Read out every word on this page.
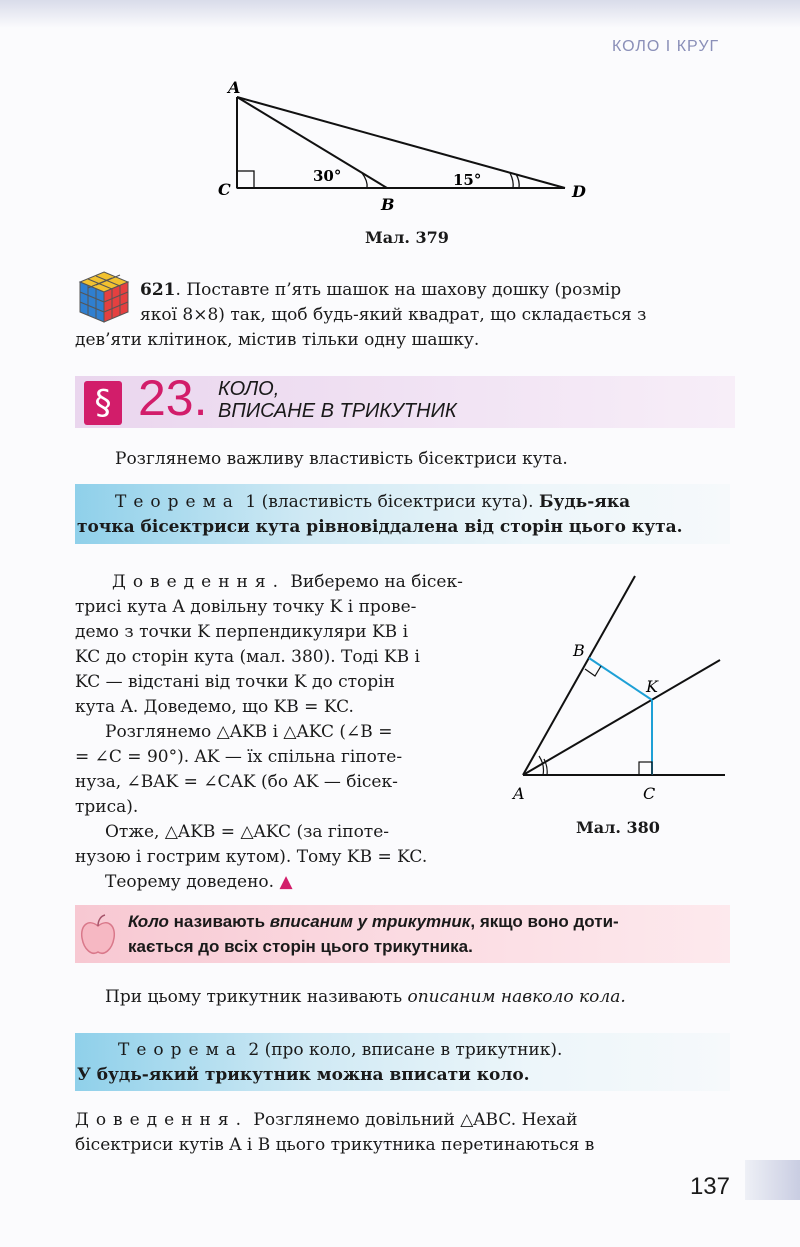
КОЛО І КРУГ
A
C
B
D
30°	15°
Мал. 379
621. Поставте п’ять шашок на шахову дошку (розмір
якої 8×8) так, щоб будь-який квадрат, що складається з
дев’яти клітинок, містив тільки одну шашку.
§ 23. КОЛО,
ВПИСАНЕ В ТРИКУТНИК
Розглянемо важливу властивість бісектриси кута.
Теорема 1 (властивість бісектриси кута). Будь-яка
точка бісектриси кута рівновіддалена від сторін цього кута.
Доведення. Виберемо на бісек-
трисі кута A довільну точку K і прове-
демо з точки K перпендикуляри KB і
KC до сторін кута (мал. 380). Тоді KB і
KC — відстані від точки K до сторін
кута A. Доведемо, що KB = KC.
Розглянемо △AKB і △AKC (∠B =
= ∠C = 90°). AK — їх спільна гіпоте-
нуза, ∠BAK = ∠CAK (бо AK — бісек-
триса).
Отже, △AKB = △AKC (за гіпоте-
нузою і гострим кутом). Тому KB = KC.
Теорему доведено. ▲
B
K
A	C
Мал. 380
Коло називають вписаним у трикутник, якщо воно доти-
кається до всіх сторін цього трикутника.
При цьому трикутник називають описаним навколо кола.
Теорема 2 (про коло, вписане в трикутник).
У будь-який трикутник можна вписати коло.
Доведення. Розглянемо довільний △ABC. Нехай
бісектриси кутів A і B цього трикутника перетинаються в
137
